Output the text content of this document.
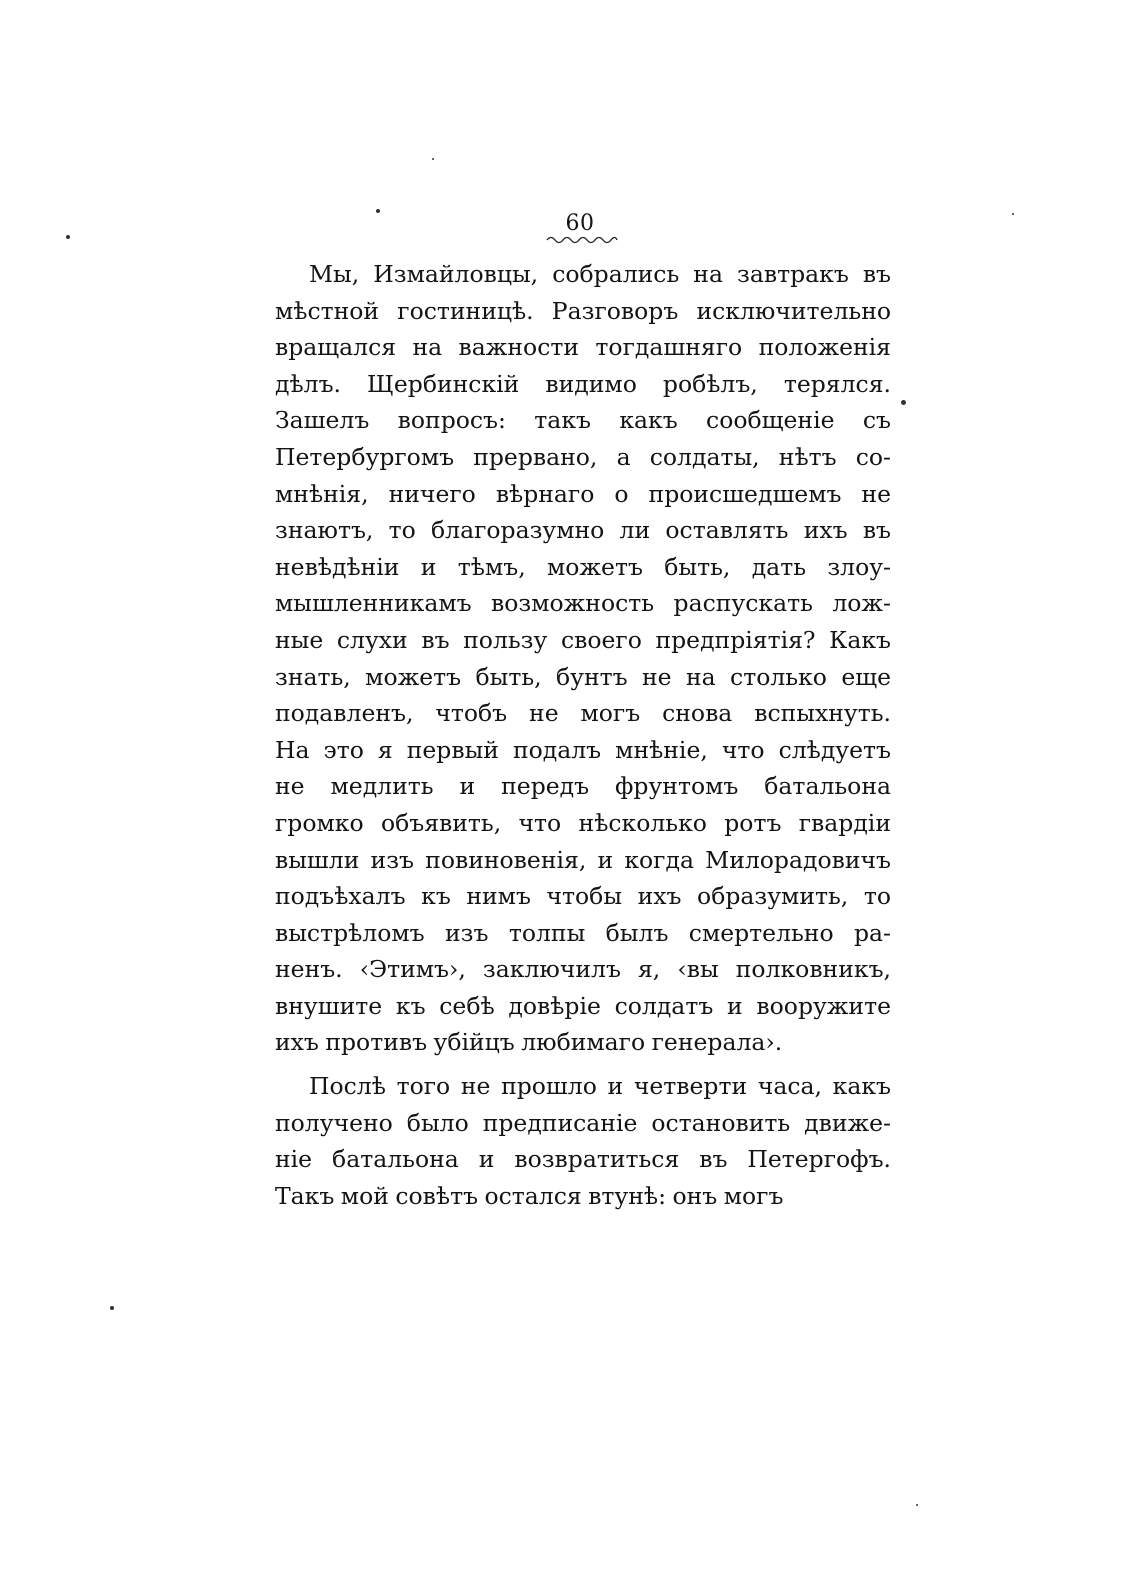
60
Мы, Измайловцы, собрались на завтракъ въ
мѣстной гостиницѣ. Разговоръ исключительно
вращался на важности тогдашняго положенія
дѣлъ. Щербинскій видимо робѣлъ, терялся.
Зашелъ вопросъ: такъ какъ сообщеніе съ
Петербургомъ прервано, а солдаты, нѣтъ со-
мнѣнія, ничего вѣрнаго о происшедшемъ не
знаютъ, то благоразумно ли оставлять ихъ въ
невѣдѣніи и тѣмъ, можетъ быть, дать злоу-
мышленникамъ возможность распускать лож-
ные слухи въ пользу своего предпріятія? Какъ
знать, можетъ быть, бунтъ не на столько еще
подавленъ, чтобъ не могъ снова вспыхнуть.
На это я первый подалъ мнѣніе, что слѣдуетъ
не медлить и передъ фрунтомъ батальона
громко объявить, что нѣсколько ротъ гвардіи
вышли изъ повиновенія, и когда Милорадовичъ
подъѣхалъ къ нимъ чтобы ихъ образумить, то
выстрѣломъ изъ толпы былъ смертельно ра-
ненъ. ‹Этимъ›, заключилъ я, ‹вы полковникъ,
внушите къ себѣ довѣріе солдатъ и вооружите
ихъ противъ убійцъ любимаго генерала›.
Послѣ того не прошло и четверти часа, какъ
получено было предписаніе остановить движе-
ніе батальона и возвратиться въ Петергофъ.
Такъ мой совѣтъ остался втунѣ: онъ могъ
